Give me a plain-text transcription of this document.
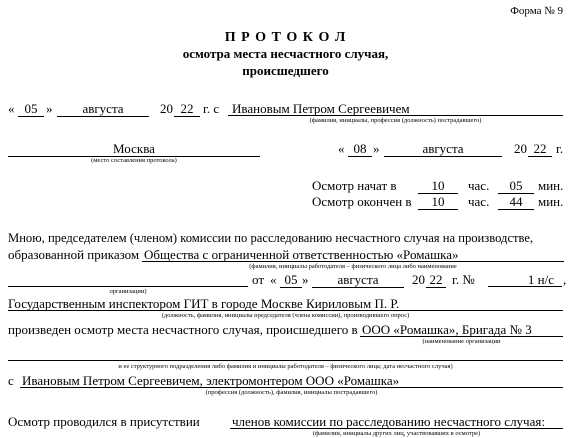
Форма № 9
П Р О Т О К О Л
осмотра места несчастного случая,
происшедшего
« 05 »	августа	20 22 г. с Ивановым Петром Сергеевичем
(фамилия, инициалы, профессия (должность) пострадавшего)
Москва
(место составления протокола)
« 08 »	августа	20 22 г.
Осмотр начат в	10	час.	05	мин.
Осмотр окончен в	10	час.	44	мин.
Мною, председателем (членом) комиссии по расследованию несчастного случая на производстве,
образованной приказом Общества с ограниченной ответственностью «Ромашка»
(фамилия, инициалы работодателя – физического лица либо наименование
от « 05 »	августа	20 22 г. №	1 н/с ,
организации)
Государственным инспектором ГИТ в городе Москве Кириловым П. Р.
(должность, фамилия, инициалы председателя (члена комиссии), производившего опрос)
произведен осмотр места несчастного случая, происшедшего в ООО «Ромашка», Бригада № 3
(наименование организации
и ее структурного подразделения либо фамилия и инициалы работодателя – физического лица; дата несчастного случая)
с Ивановым Петром Сергеевичем, электромонтером ООО «Ромашка»
(профессия (должность), фамилия, инициалы пострадавшего)
Осмотр проводился в присутствии членов комиссии по расследованию несчастного случая:
(фамилии, инициалы других лиц, участвовавших в осмотре)
